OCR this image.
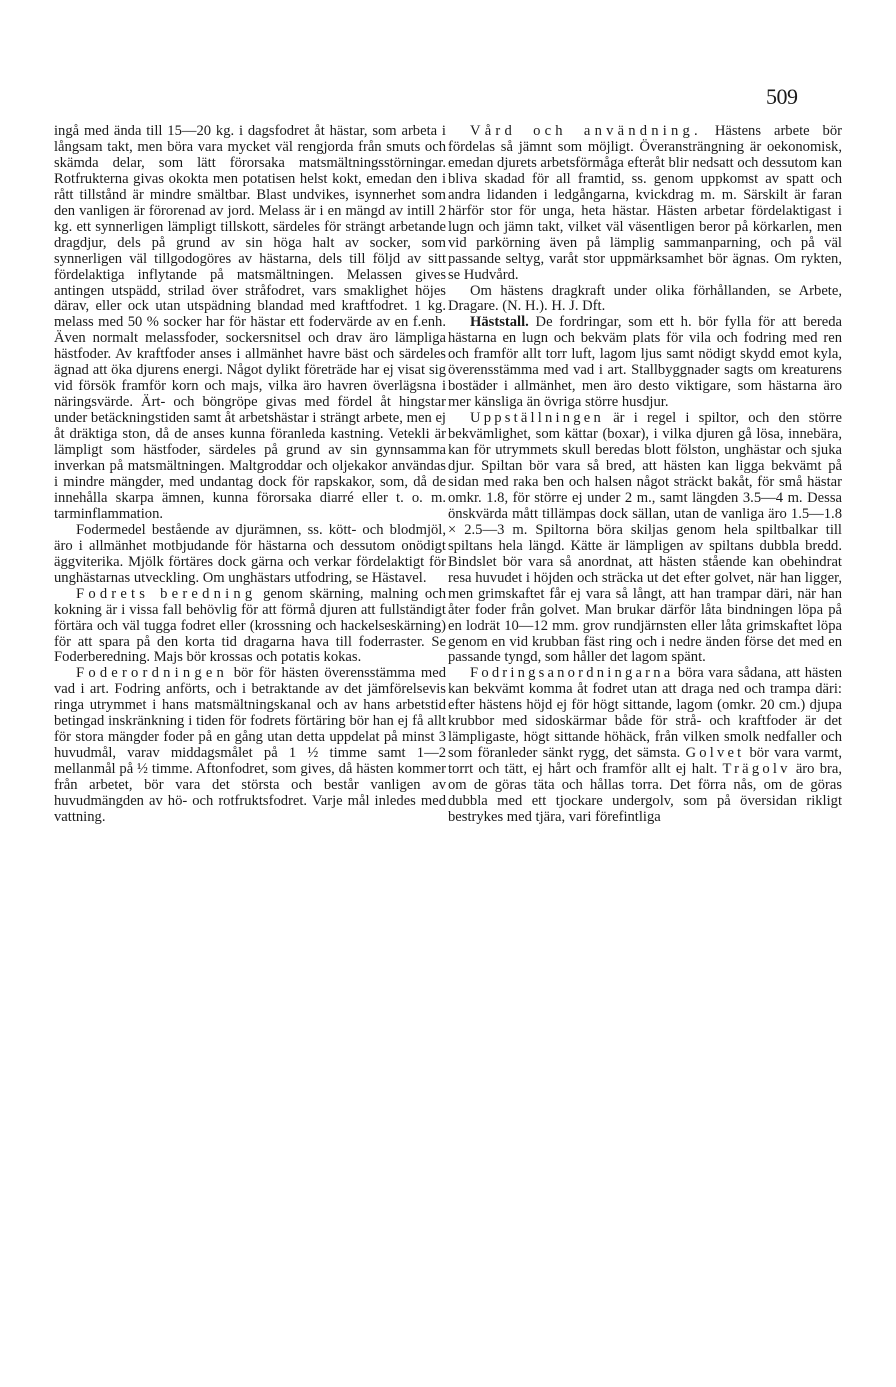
509

ingå med ända till 15—20 kg. i dagsfodret åt hästar, som arbeta i långsam takt, men böra vara mycket väl rengjorda från smuts och skämda delar, som lätt förorsaka matsmältningsstörningar. Rotfrukterna givas okokta men potatisen helst kokt, emedan den i rått tillstånd är mindre smältbar. Blast undvikes, isynnerhet som den vanligen är förorenad av jord. Melass är i en mängd av intill 2 kg. ett synnerligen lämpligt tillskott, särdeles för strängt arbetande dragdjur, dels på grund av sin höga halt av socker, som synnerligen väl tillgodogöres av hästarna, dels till följd av sitt fördelaktiga inflytande på matsmältningen. Melassen gives antingen utspädd, strilad över stråfodret, vars smaklighet höjes därav, eller ock utan utspädning blandad med kraftfodret. 1 kg. melass med 50 % socker har för hästar ett fodervärde av en f.enh. Även normalt melassfoder, sockersnitsel och drav äro lämpliga hästfoder. Av kraftfoder anses i allmänhet havre bäst och särdeles ägnad att öka djurens energi. Något dylikt företräde har ej visat sig vid försök framför korn och majs, vilka äro havren överlägsna i näringsvärde. Ärt- och böngröpe givas med fördel åt hingstar under betäckningstiden samt åt arbetshästar i strängt arbete, men ej åt dräktiga ston, då de anses kunna föranleda kastning. Vetekli är lämpligt som hästfoder, särdeles på grund av sin gynnsamma inverkan på matsmältningen. Maltgroddar och oljekakor användas i mindre mängder, med undantag dock för rapskakor, som, då de innehålla skarpa ämnen, kunna förorsaka diarré eller t. o. m. tarminflammation.

Fodermedel bestående av djurämnen, ss. kött- och blodmjöl, äro i allmänhet motbjudande för hästarna och dessutom onödigt äggviterika. Mjölk förtäres dock gärna och verkar fördelaktigt för unghästarnas utveckling. Om unghästars utfodring, se Hästavel.

Fodrets beredning genom skärning, malning och kokning är i vissa fall behövlig för att förmå djuren att fullständigt förtära och väl tugga fodret eller (krossning och hackelseskärning) för att spara på den korta tid dragarna hava till foderraster. Se Foderberedning. Majs bör krossas och potatis kokas.

Foderordningen bör för hästen överensstämma med vad i art. Fodring anförts, och i betraktande av det jämförelsevis ringa utrymmet i hans matsmältningskanal och av hans arbetstid betingad inskränkning i tiden för fodrets förtäring bör han ej få allt för stora mängder foder på en gång utan detta uppdelat på minst 3 huvudmål, varav middagsmålet på 1 ½ timme samt 1—2 mellanmål på ½ timme. Aftonfodret, som gives, då hästen kommer från arbetet, bör vara det största och består vanligen av huvudmängden av hö- och rotfruktsfodret. Varje mål inledes med vattning.

Vård och användning. Hästens arbete bör fördelas så jämnt som möjligt. Överansträngning är oekonomisk, emedan djurets arbetsförmåga efteråt blir nedsatt och dessutom kan bliva skadad för all framtid, ss. genom uppkomst av spatt och andra lidanden i ledgångarna, kvickdrag m. m. Särskilt är faran härför stor för unga, heta hästar. Hästen arbetar fördelaktigast i lugn och jämn takt, vilket väl väsentligen beror på körkarlen, men vid parkörning även på lämplig sammanparning, och på väl passande seltyg, varåt stor uppmärksamhet bör ägnas. Om rykten, se Hudvård.

Om hästens dragkraft under olika förhållanden, se Arbete, Dragare. (N. H.). H. J. Dft.

Häststall. De fordringar, som ett h. bör fylla för att bereda hästarna en lugn och bekväm plats för vila och fodring med ren och framför allt torr luft, lagom ljus samt nödigt skydd emot kyla, överensstämma med vad i art. Stallbyggnader sagts om kreaturens bostäder i allmänhet, men äro desto viktigare, som hästarna äro mer känsliga än övriga större husdjur.

Uppställningen är i regel i spiltor, och den större bekvämlighet, som kättar (boxar), i vilka djuren gå lösa, innebära, kan för utrymmets skull beredas blott fölston, unghästar och sjuka djur. Spiltan bör vara så bred, att hästen kan ligga bekvämt på sidan med raka ben och halsen något sträckt bakåt, för små hästar omkr. 1.8, för större ej under 2 m., samt längden 3.5—4 m. Dessa önskvärda mått tillämpas dock sällan, utan de vanliga äro 1.5—1.8 × 2.5—3 m. Spiltorna böra skiljas genom hela spiltbalkar till spiltans hela längd. Kätte är lämpligen av spiltans dubbla bredd. Bindslet bör vara så anordnat, att hästen stående kan obehindrat resa huvudet i höjden och sträcka ut det efter golvet, när han ligger, men grimskaftet får ej vara så långt, att han trampar däri, när han åter foder från golvet. Man brukar därför låta bindningen löpa på en lodrät 10—12 mm. grov rundjärnsten eller låta grimskaftet löpa genom en vid krubban fäst ring och i nedre änden förse det med en passande tyngd, som håller det lagom spänt.

Fodringsanordningarna böra vara sådana, att hästen kan bekvämt komma åt fodret utan att draga ned och trampa däri: efter hästens höjd ej för högt sittande, lagom (omkr. 20 cm.) djupa krubbor med sidoskärmar både för strå- och kraftfoder är det lämpligaste, högt sittande höhäck, från vilken smolk nedfaller och som föranleder sänkt rygg, det sämsta. Golvet bör vara varmt, torrt och tätt, ej hårt och framför allt ej halt. Trägolv äro bra, om de göras täta och hållas torra. Det förra nås, om de göras dubbla med ett tjockare undergolv, som på översidan rikligt bestrykes med tjära, vari förefintliga
